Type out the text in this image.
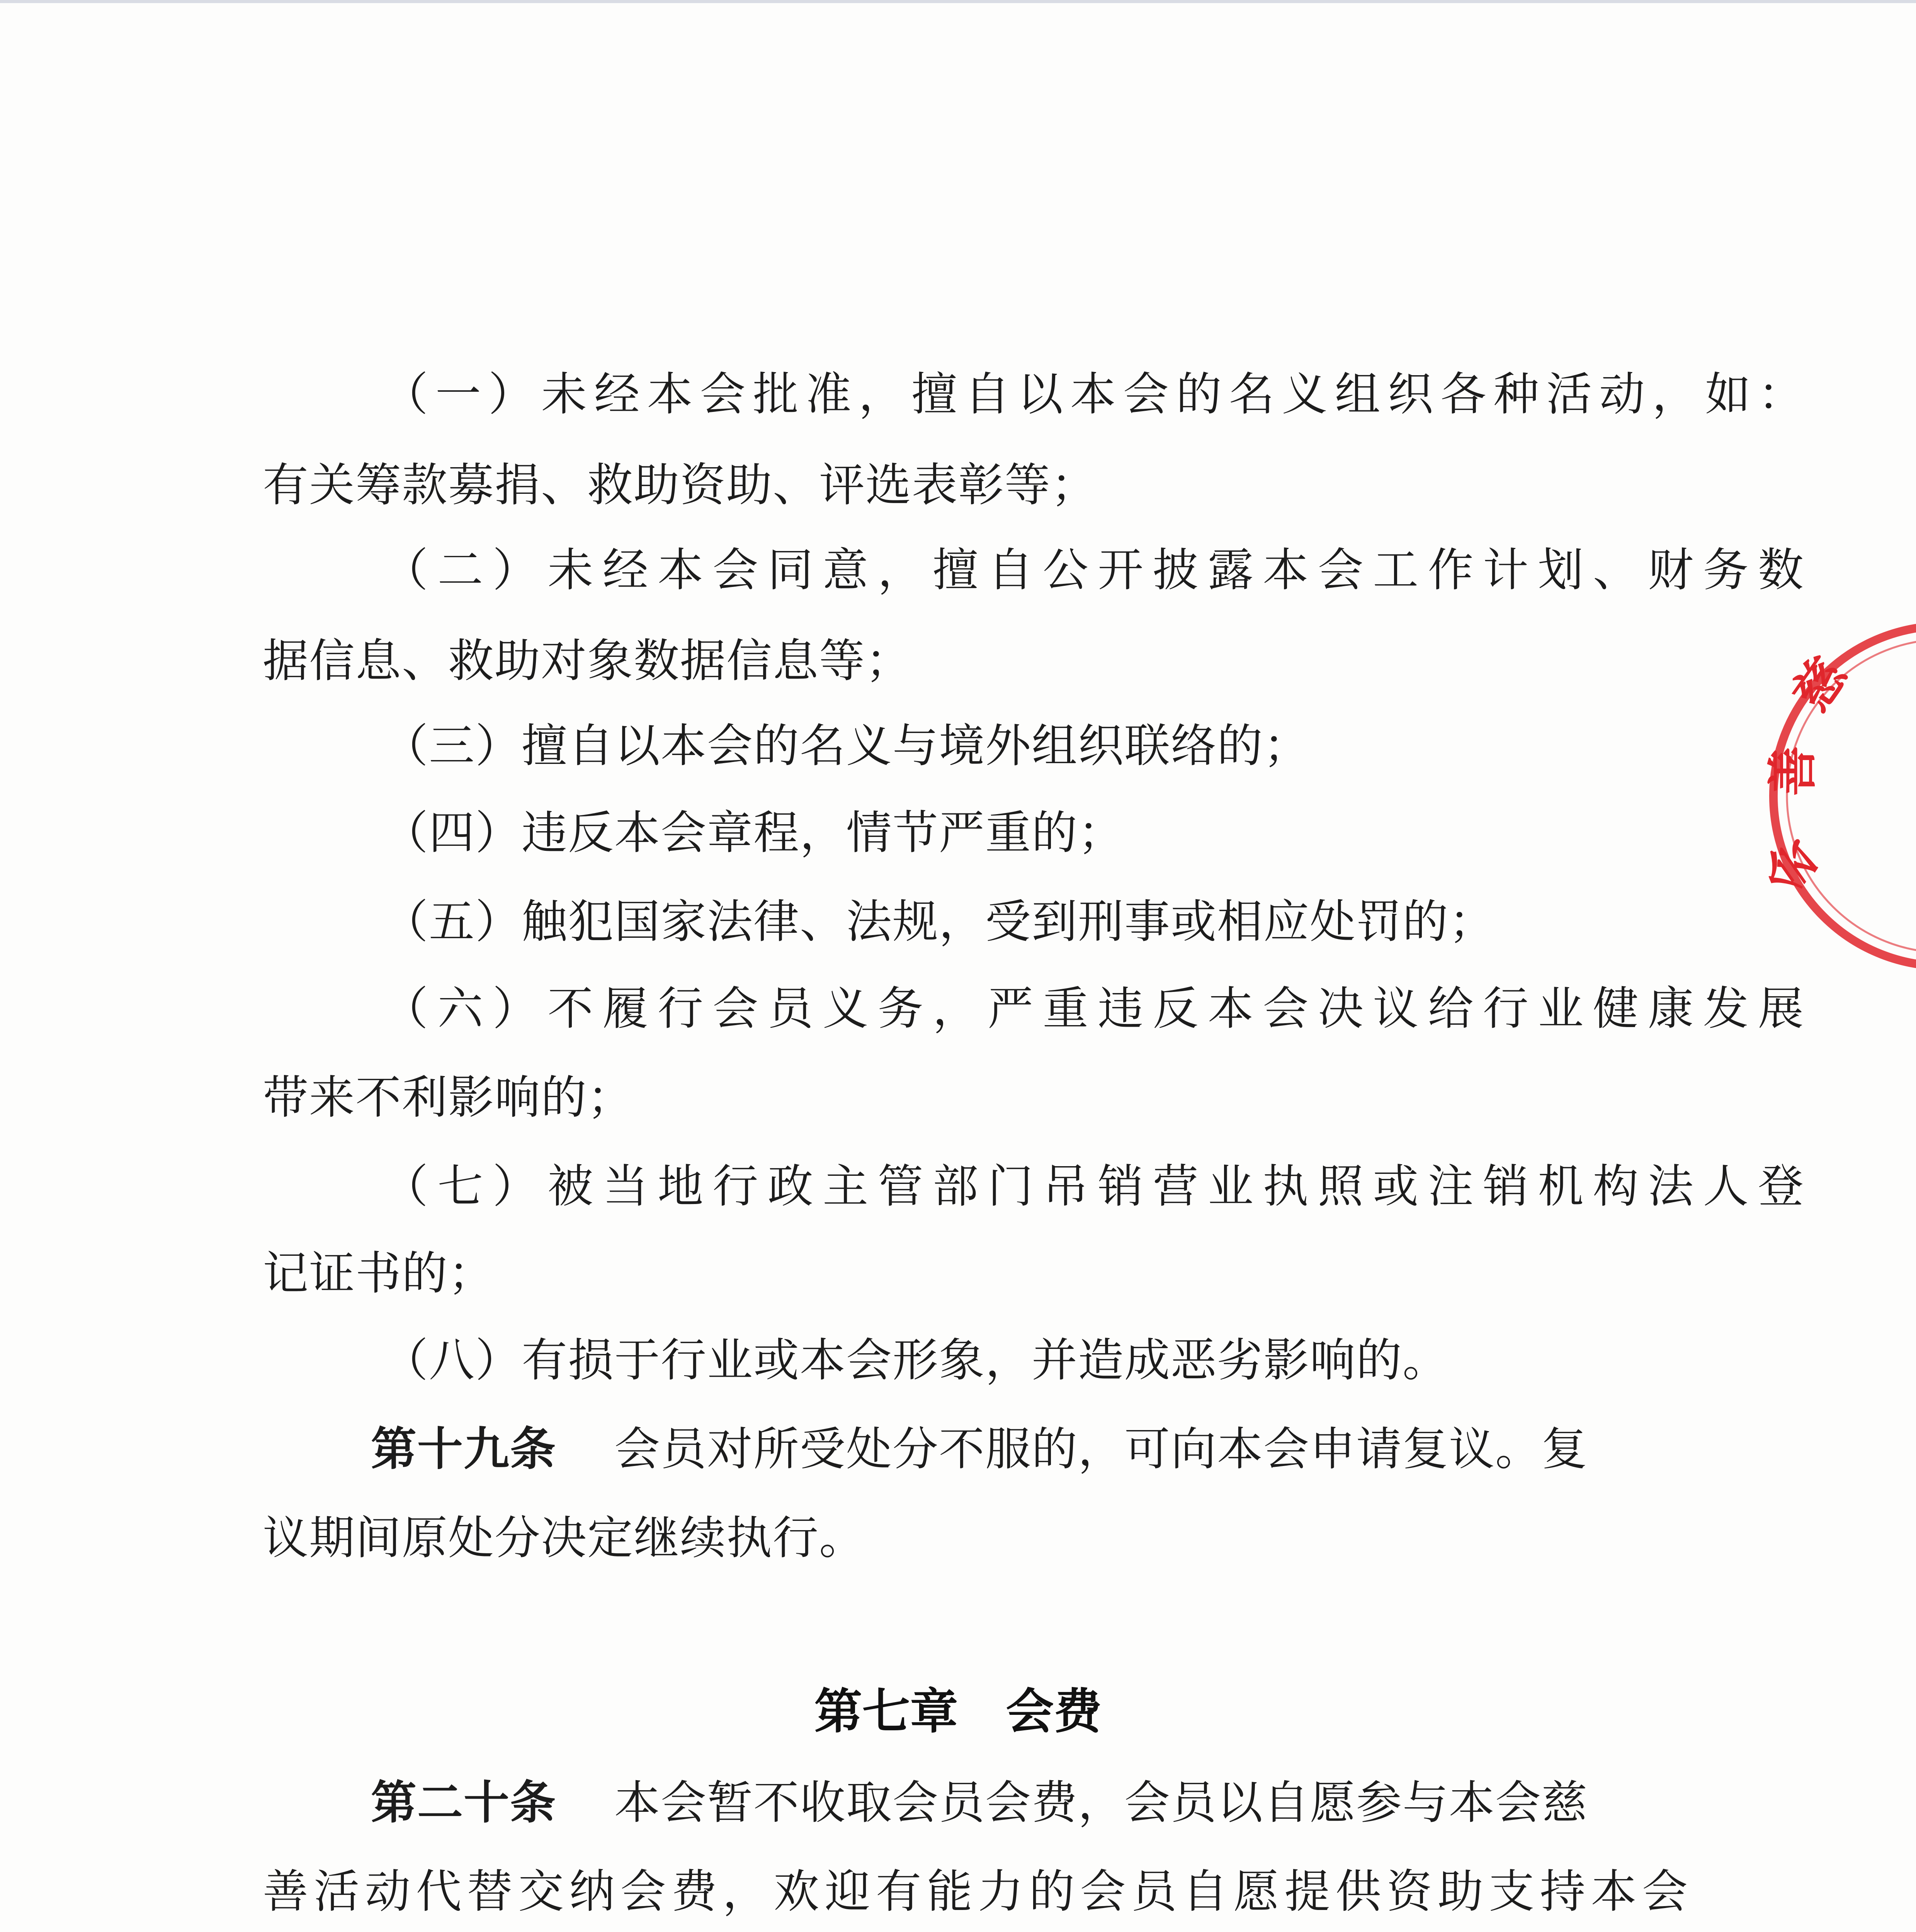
（一）未经本会批准，擅自以本会的名义组织各种活动，如：
有关筹款募捐、救助资助、评选表彰等；
（二）未经本会同意，擅自公开披露本会工作计划、财务数
据信息、救助对象数据信息等；
（三）擅自以本会的名义与境外组织联络的；
（四）违反本会章程，情节严重的；
（五）触犯国家法律、法规，受到刑事或相应处罚的；
（六）不履行会员义务，严重违反本会决议给行业健康发展
带来不利影响的；
（七）被当地行政主管部门吊销营业执照或注销机构法人登
记证书的；
（八）有损于行业或本会形象，并造成恶劣影响的。
第十九条 会员对所受处分不服的，可向本会申请复议。复
议期间原处分决定继续执行。
第七章　会费
第二十条 本会暂不收取会员会费，会员以自愿参与本会慈
善活动代替交纳会费，欢迎有能力的会员自愿提供资助支持本会
慈
善
会
